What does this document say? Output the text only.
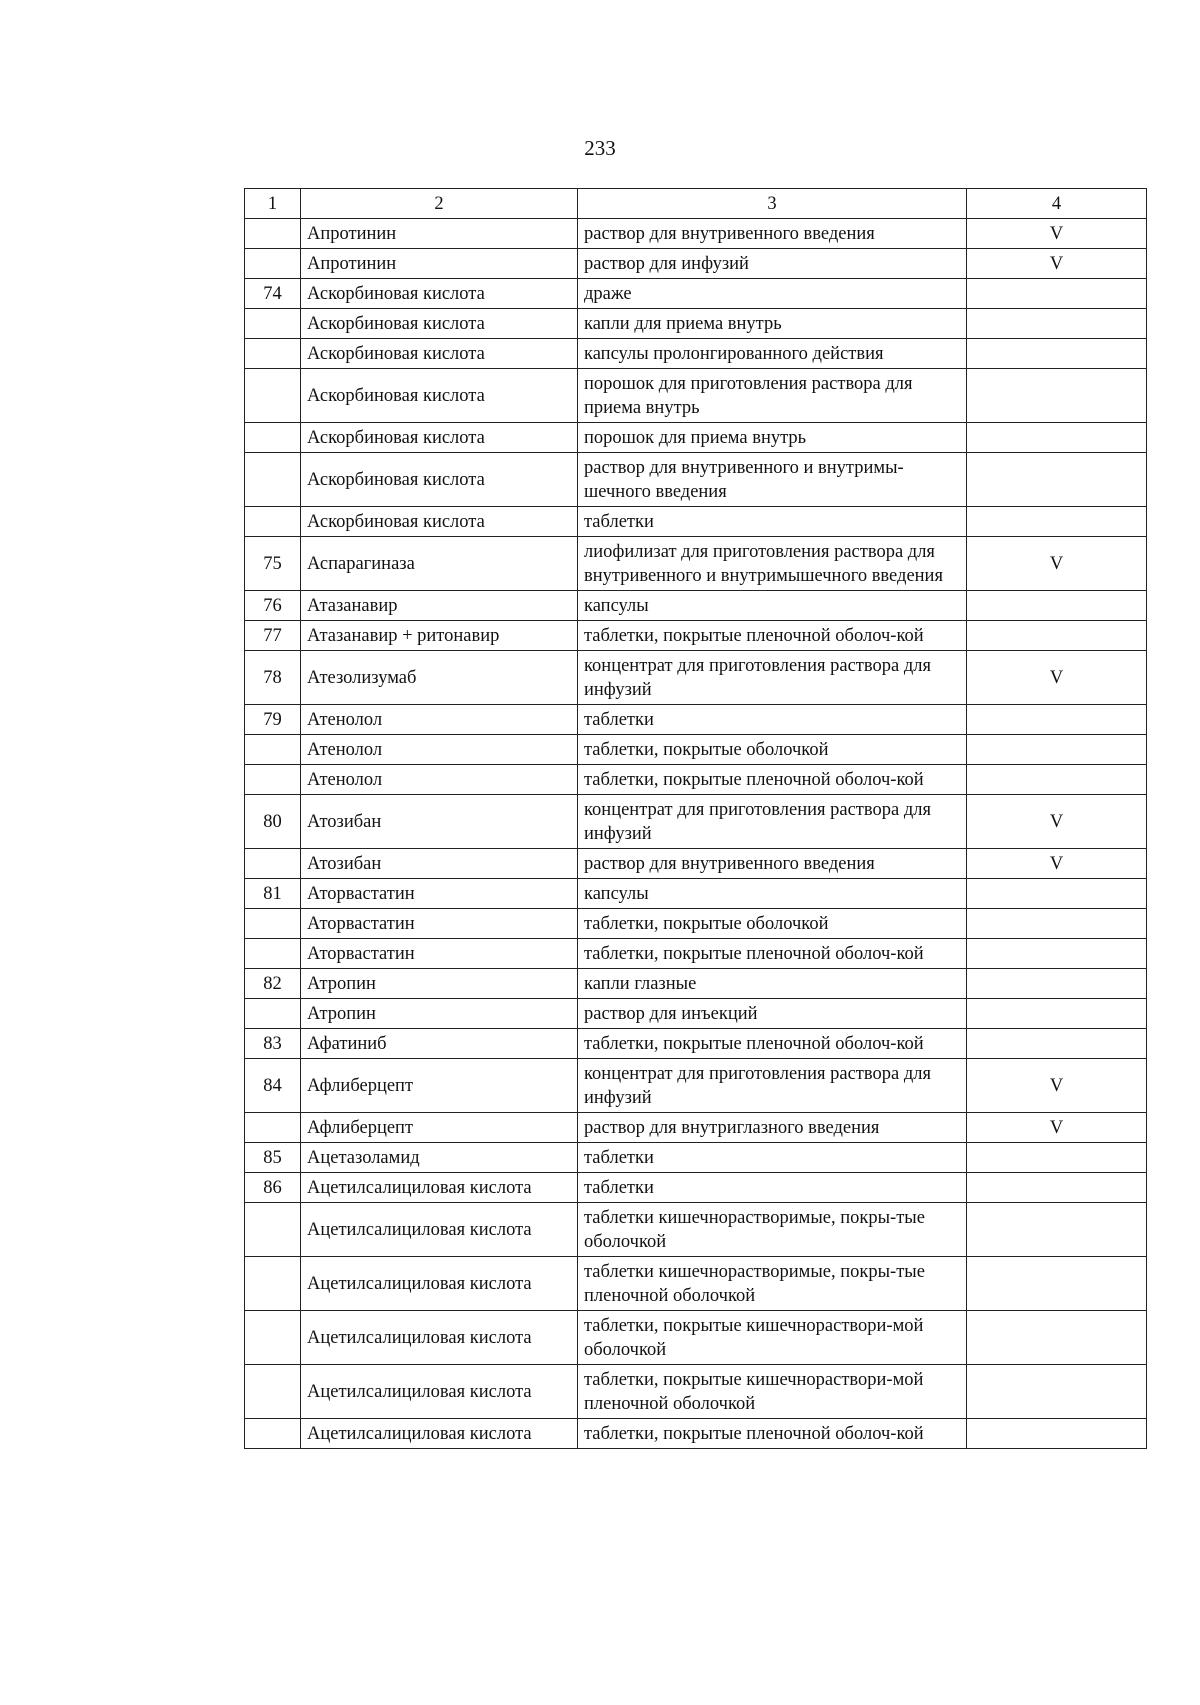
233
1	2	3	4
	Апротинин	раствор для внутривенного введения	V
	Апротинин	раствор для инфузий	V
74	Аскорбиновая кислота	драже	
	Аскорбиновая кислота	капли для приема внутрь	
	Аскорбиновая кислота	капсулы пролонгированного действия	
	Аскорбиновая кислота	порошок для приготовления раствора для приема внутрь	
	Аскорбиновая кислота	порошок для приема внутрь	
	Аскорбиновая кислота	раствор для внутривенного и внутримы-шечного введения	
	Аскорбиновая кислота	таблетки	
75	Аспарагиназа	лиофилизат для приготовления раствора для внутривенного и внутримышечного введения	V
76	Атазанавир	капсулы	
77	Атазанавир + ритонавир	таблетки, покрытые пленочной оболоч-кой	
78	Атезолизумаб	концентрат для приготовления раствора для инфузий	V
79	Атенолол	таблетки	
	Атенолол	таблетки, покрытые оболочкой	
	Атенолол	таблетки, покрытые пленочной оболоч-кой	
80	Атозибан	концентрат для приготовления раствора для инфузий	V
	Атозибан	раствор для внутривенного введения	V
81	Аторвастатин	капсулы	
	Аторвастатин	таблетки, покрытые оболочкой	
	Аторвастатин	таблетки, покрытые пленочной оболоч-кой	
82	Атропин	капли глазные	
	Атропин	раствор для инъекций	
83	Афатиниб	таблетки, покрытые пленочной оболоч-кой	
84	Афлиберцепт	концентрат для приготовления раствора для инфузий	V
	Афлиберцепт	раствор для внутриглазного введения	V
85	Ацетазоламид	таблетки	
86	Ацетилсалициловая кислота	таблетки	
	Ацетилсалициловая кислота	таблетки кишечнорастворимые, покры-тые оболочкой	
	Ацетилсалициловая кислота	таблетки кишечнорастворимые, покры-тые пленочной оболочкой	
	Ацетилсалициловая кислота	таблетки, покрытые кишечнораствори-мой оболочкой	
	Ацетилсалициловая кислота	таблетки, покрытые кишечнораствори-мой пленочной оболочкой	
	Ацетилсалициловая кислота	таблетки, покрытые пленочной оболоч-кой	
